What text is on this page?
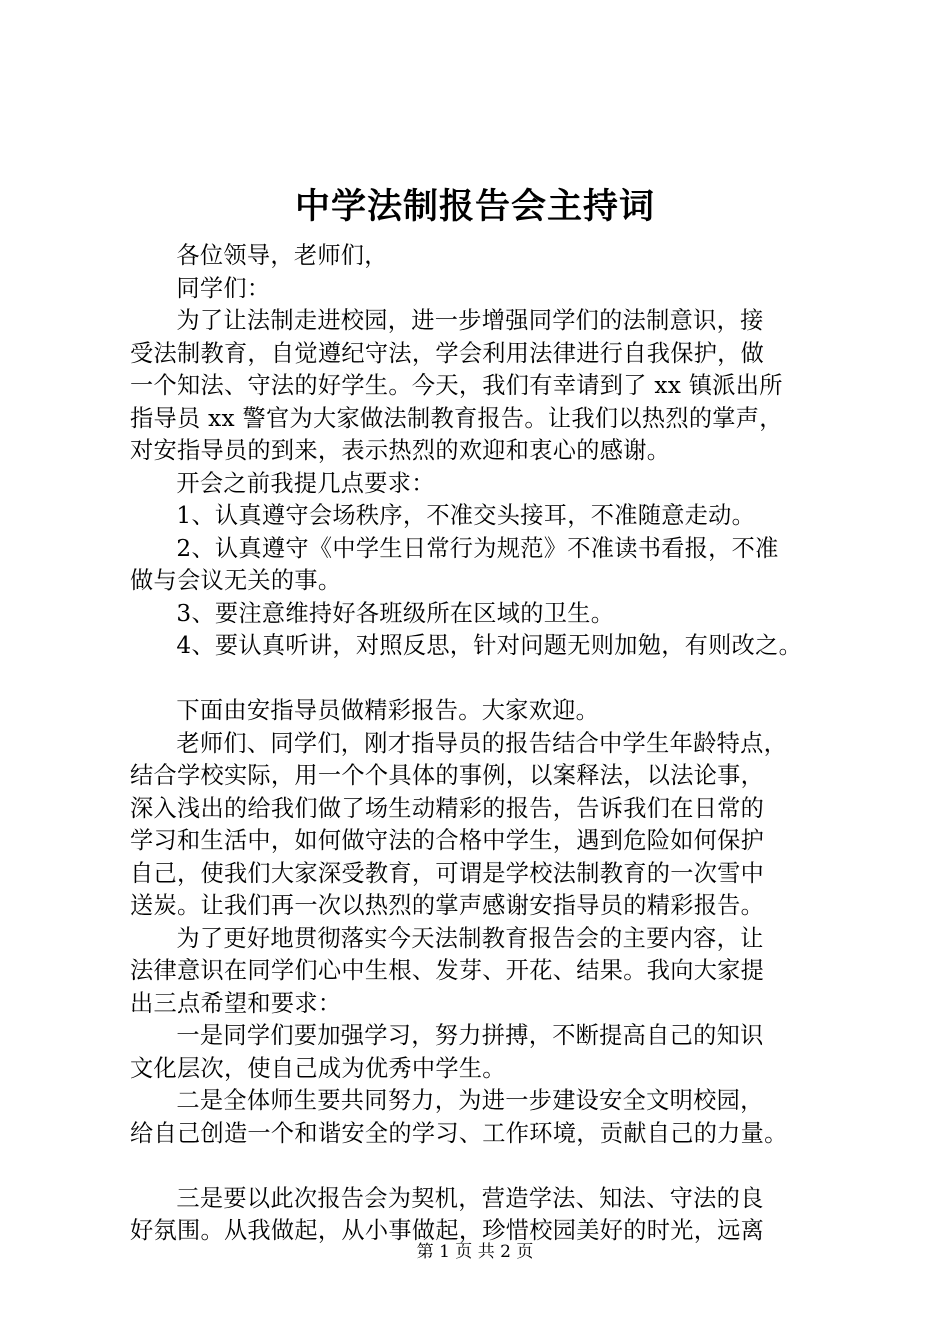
中学法制报告会主持词

各位领导，老师们，

同学们：

为了让法制走进校园，进一步增强同学们的法制意识，接

受法制教育，自觉遵纪守法，学会利用法律进行自我保护，做

一个知法、守法的好学生。今天，我们有幸请到了 xx 镇派出所

指导员 xx 警官为大家做法制教育报告。让我们以热烈的掌声，

对安指导员的到来，表示热烈的欢迎和衷心的感谢。

开会之前我提几点要求：

1、认真遵守会场秩序，不准交头接耳，不准随意走动。

2、认真遵守《中学生日常行为规范》不准读书看报，不准

做与会议无关的事。

3、要注意维持好各班级所在区域的卫生。

4、要认真听讲，对照反思，针对问题无则加勉，有则改之。

下面由安指导员做精彩报告。大家欢迎。

老师们、同学们，刚才指导员的报告结合中学生年龄特点，

结合学校实际，用一个个具体的事例，以案释法，以法论事，

深入浅出的给我们做了场生动精彩的报告，告诉我们在日常的

学习和生活中，如何做守法的合格中学生，遇到危险如何保护

自己，使我们大家深受教育，可谓是学校法制教育的一次雪中

送炭。让我们再一次以热烈的掌声感谢安指导员的精彩报告。

为了更好地贯彻落实今天法制教育报告会的主要内容，让

法律意识在同学们心中生根、发芽、开花、结果。我向大家提

出三点希望和要求：

一是同学们要加强学习，努力拼搏，不断提高自己的知识

文化层次，使自己成为优秀中学生。

二是全体师生要共同努力，为进一步建设安全文明校园，

给自己创造一个和谐安全的学习、工作环境，贡献自己的力量。

三是要以此次报告会为契机，营造学法、知法、守法的良

好氛围。从我做起，从小事做起，珍惜校园美好的时光，远离

第 1 页 共 2 页
